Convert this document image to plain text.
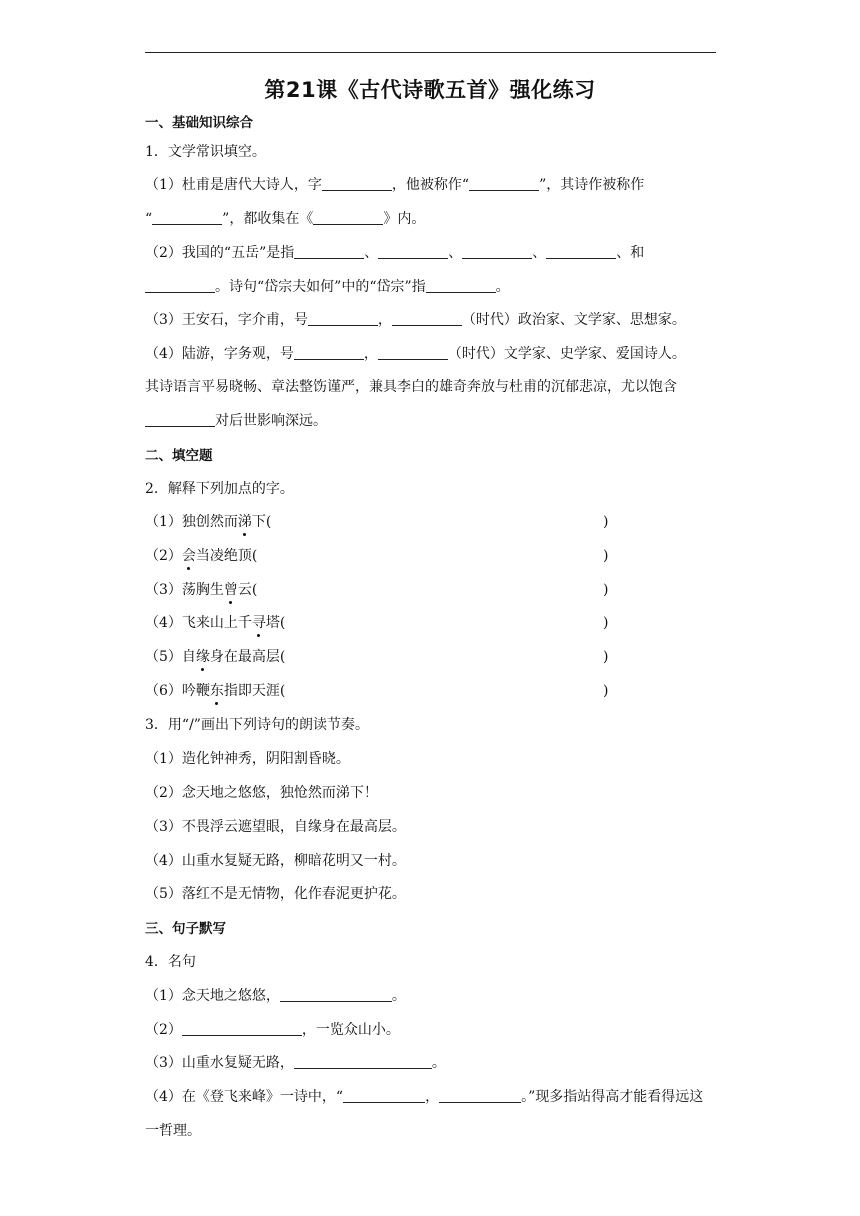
第21课《古代诗歌五首》强化练习
一、基础知识综合
1．文学常识填空。
（1）杜甫是唐代大诗人，字	，他被称作“	”，其诗作被称作
“	”，都收集在《	》内。
（2）我国的“五岳”是指	、	、	、	、和
。诗句“岱宗夫如何”中的“岱宗”指	。
（3）王安石，字介甫，号	，	（时代）政治家、文学家、思想家。
（4）陆游，字务观，号	，	（时代）文学家、史学家、爱国诗人。
其诗语言平易晓畅、章法整饬谨严，兼具李白的雄奇奔放与杜甫的沉郁悲凉，尤以饱含
对后世影响深远。
二、填空题
2．解释下列加点的字。
（1）独创然而涕下(	)
（2）会当凌绝顶(	)
（3）荡胸生曾云(	)
（4）飞来山上千寻塔(	)
（5）自缘身在最高层(	)
（6）吟鞭东指即天涯(	)
3．用“/”画出下列诗句的朗读节奏。
（1）造化钟神秀，阴阳割昏晓。
（2）念天地之悠悠，独怆然而涕下！
（3）不畏浮云遮望眼，自缘身在最高层。
（4）山重水复疑无路，柳暗花明又一村。
（5）落红不是无情物，化作春泥更护花。
三、句子默写
4．名句
（1）念天地之悠悠，	。
（2）	，一览众山小。
（3）山重水复疑无路，	。
（4）在《登飞来峰》一诗中，“	，	。”现多指站得高才能看得远这
一哲理。
